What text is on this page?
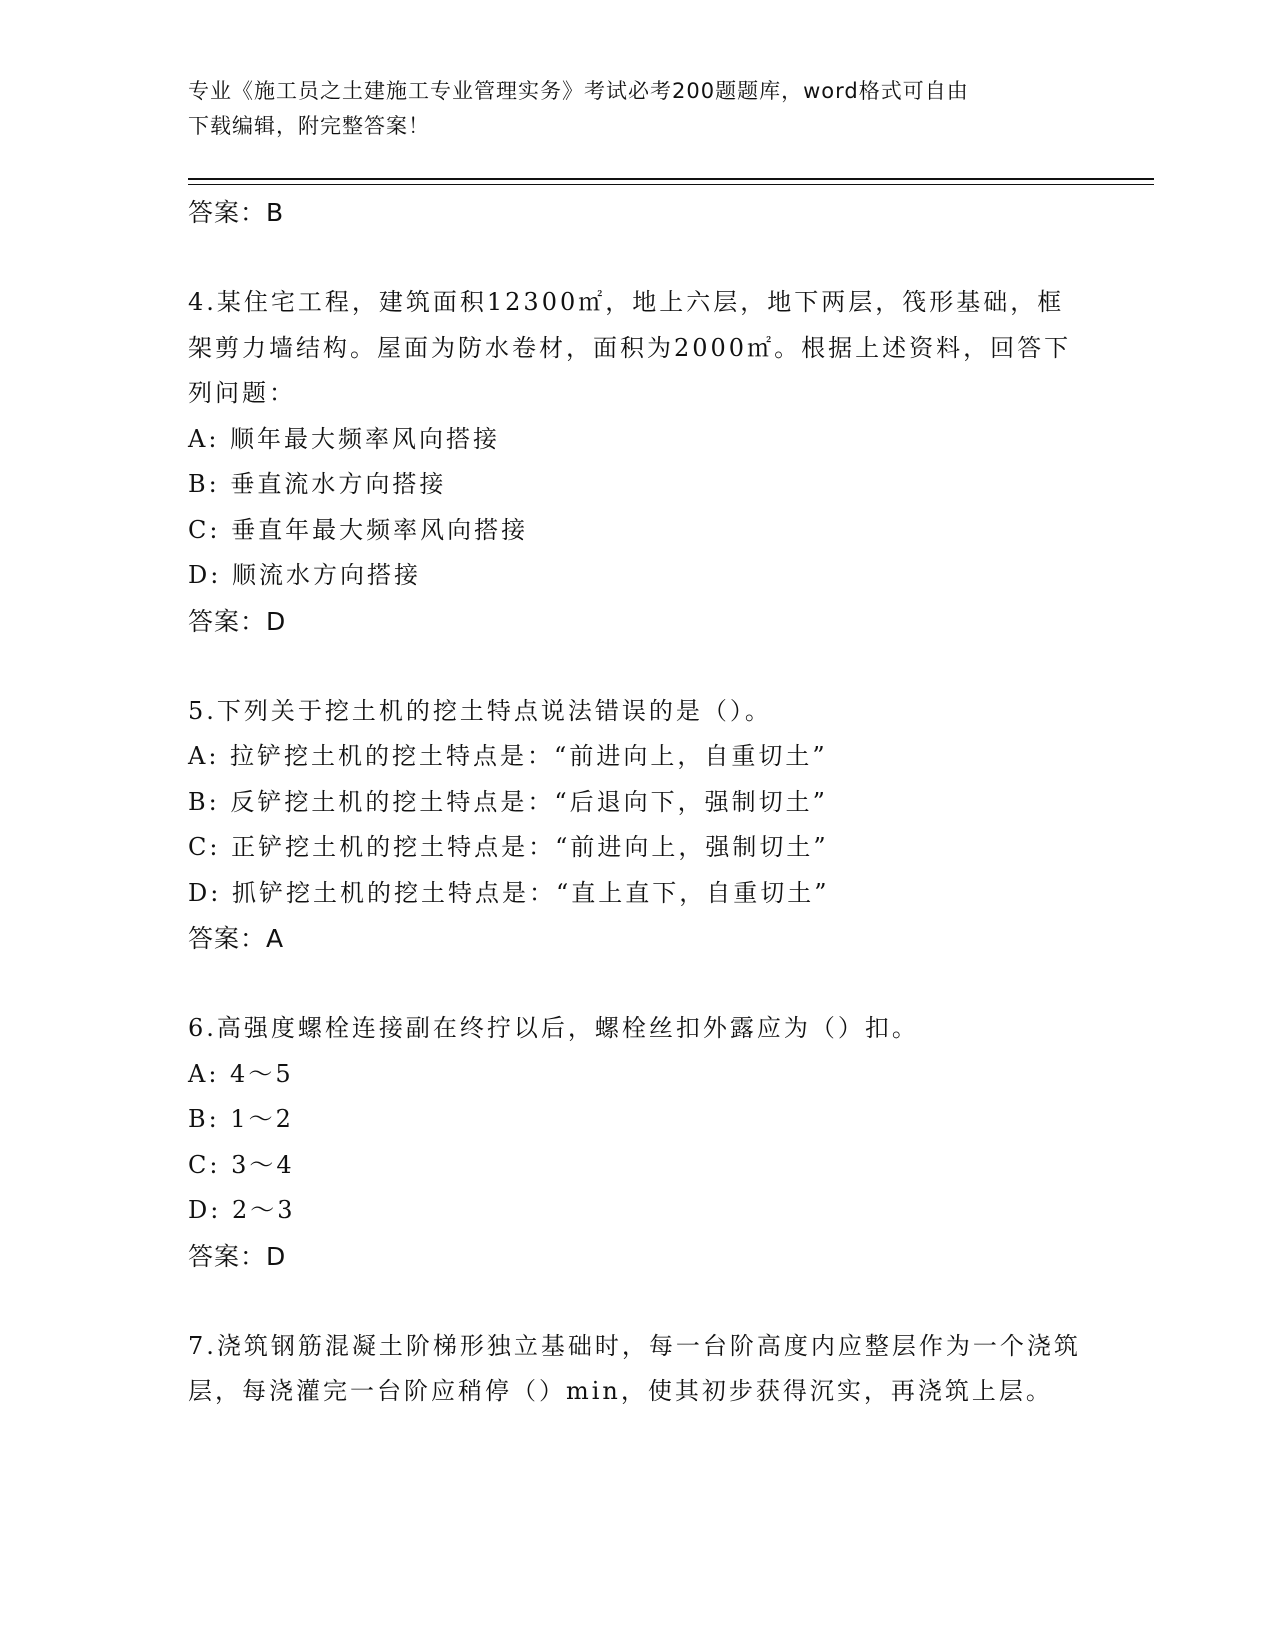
专业《施工员之土建施工专业管理实务》考试必考200题题库，word格式可自由
下载编辑，附完整答案！

答案：B

4.某住宅工程，建筑面积12300㎡，地上六层，地下两层，筏形基础，框架剪力墙结构。屋面为防水卷材，面积为2000㎡。根据上述资料，回答下列问题：

A: 顺年最大频率风向搭接

B: 垂直流水方向搭接

C: 垂直年最大频率风向搭接

D: 顺流水方向搭接

答案：D

5.下列关于挖土机的挖土特点说法错误的是（）。

A: 拉铲挖土机的挖土特点是：“前进向上，自重切土”

B: 反铲挖土机的挖土特点是：“后退向下，强制切土”

C: 正铲挖土机的挖土特点是：“前进向上，强制切土”

D: 抓铲挖土机的挖土特点是：“直上直下，自重切土”

答案：A

6.高强度螺栓连接副在终拧以后，螺栓丝扣外露应为（）扣。

A: 4～5

B: 1～2

C: 3～4

D: 2～3

答案：D

7.浇筑钢筋混凝土阶梯形独立基础时，每一台阶高度内应整层作为一个浇筑层，每浇灌完一台阶应稍停（）min，使其初步获得沉实，再浇筑上层。
